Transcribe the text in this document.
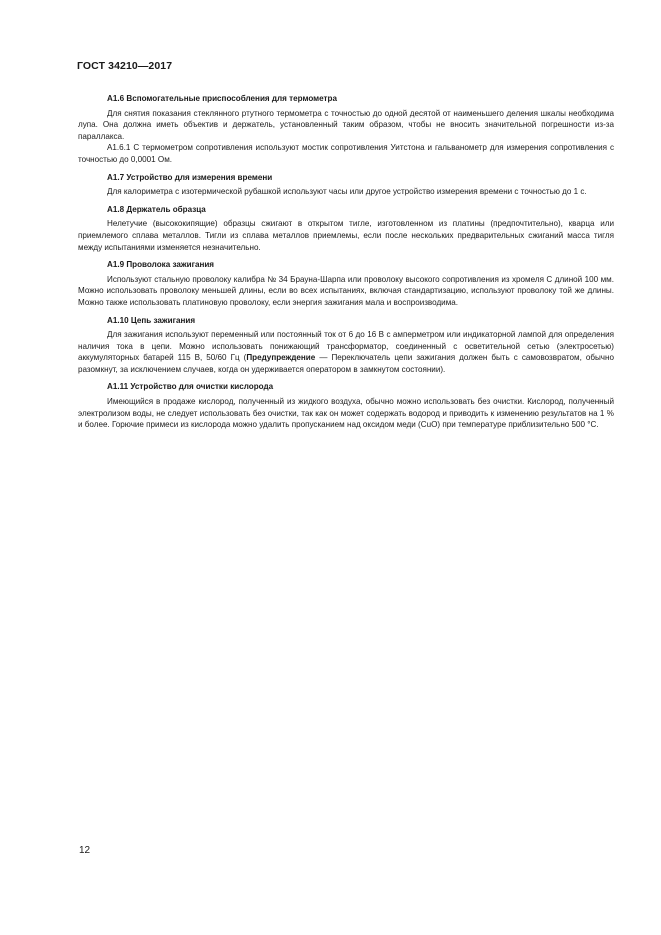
ГОСТ 34210—2017

А1.6 Вспомогательные приспособления для термометра

Для снятия показания стеклянного ртутного термометра с точностью до одной десятой от наименьшего деления шкалы необходима лупа. Она должна иметь объектив и держатель, установленный таким образом, чтобы не вносить значительной погрешности из-за параллакса.

А1.6.1 С термометром сопротивления используют мостик сопротивления Уитстона и гальванометр для измерения сопротивления с точностью до 0,0001 Ом.

А1.7 Устройство для измерения времени

Для калориметра с изотермической рубашкой используют часы или другое устройство измерения времени с точностью до 1 с.

А1.8 Держатель образца

Нелетучие (высококипящие) образцы сжигают в открытом тигле, изготовленном из платины (предпочтительно), кварца или приемлемого сплава металлов. Тигли из сплава металлов приемлемы, если после нескольких предварительных сжиганий масса тигля между испытаниями изменяется незначительно.

А1.9 Проволока зажигания

Используют стальную проволоку калибра № 34 Брауна-Шарпа или проволоку высокого сопротивления из хромеля С длиной 100 мм. Можно использовать проволоку меньшей длины, если во всех испытаниях, включая стандартизацию, используют проволоку той же длины. Можно также использовать платиновую проволоку, если энергия зажигания мала и воспроизводима.

А1.10 Цепь зажигания

Для зажигания используют переменный или постоянный ток от 6 до 16 В с амперметром или индикаторной лампой для определения наличия тока в цепи. Можно использовать понижающий трансформатор, соединенный с осветительной сетью (электросетью) аккумуляторных батарей 115 В, 50/60 Гц (Предупреждение — Переключатель цепи зажигания должен быть с самовозвратом, обычно разомкнут, за исключением случаев, когда он удерживается оператором в замкнутом состоянии).

А1.11 Устройство для очистки кислорода

Имеющийся в продаже кислород, полученный из жидкого воздуха, обычно можно использовать без очистки. Кислород, полученный электролизом воды, не следует использовать без очистки, так как он может содержать водород и приводить к изменению результатов на 1 % и более. Горючие примеси из кислорода можно удалить пропусканием над оксидом меди (CuO) при температуре приблизительно 500 °С.

12
